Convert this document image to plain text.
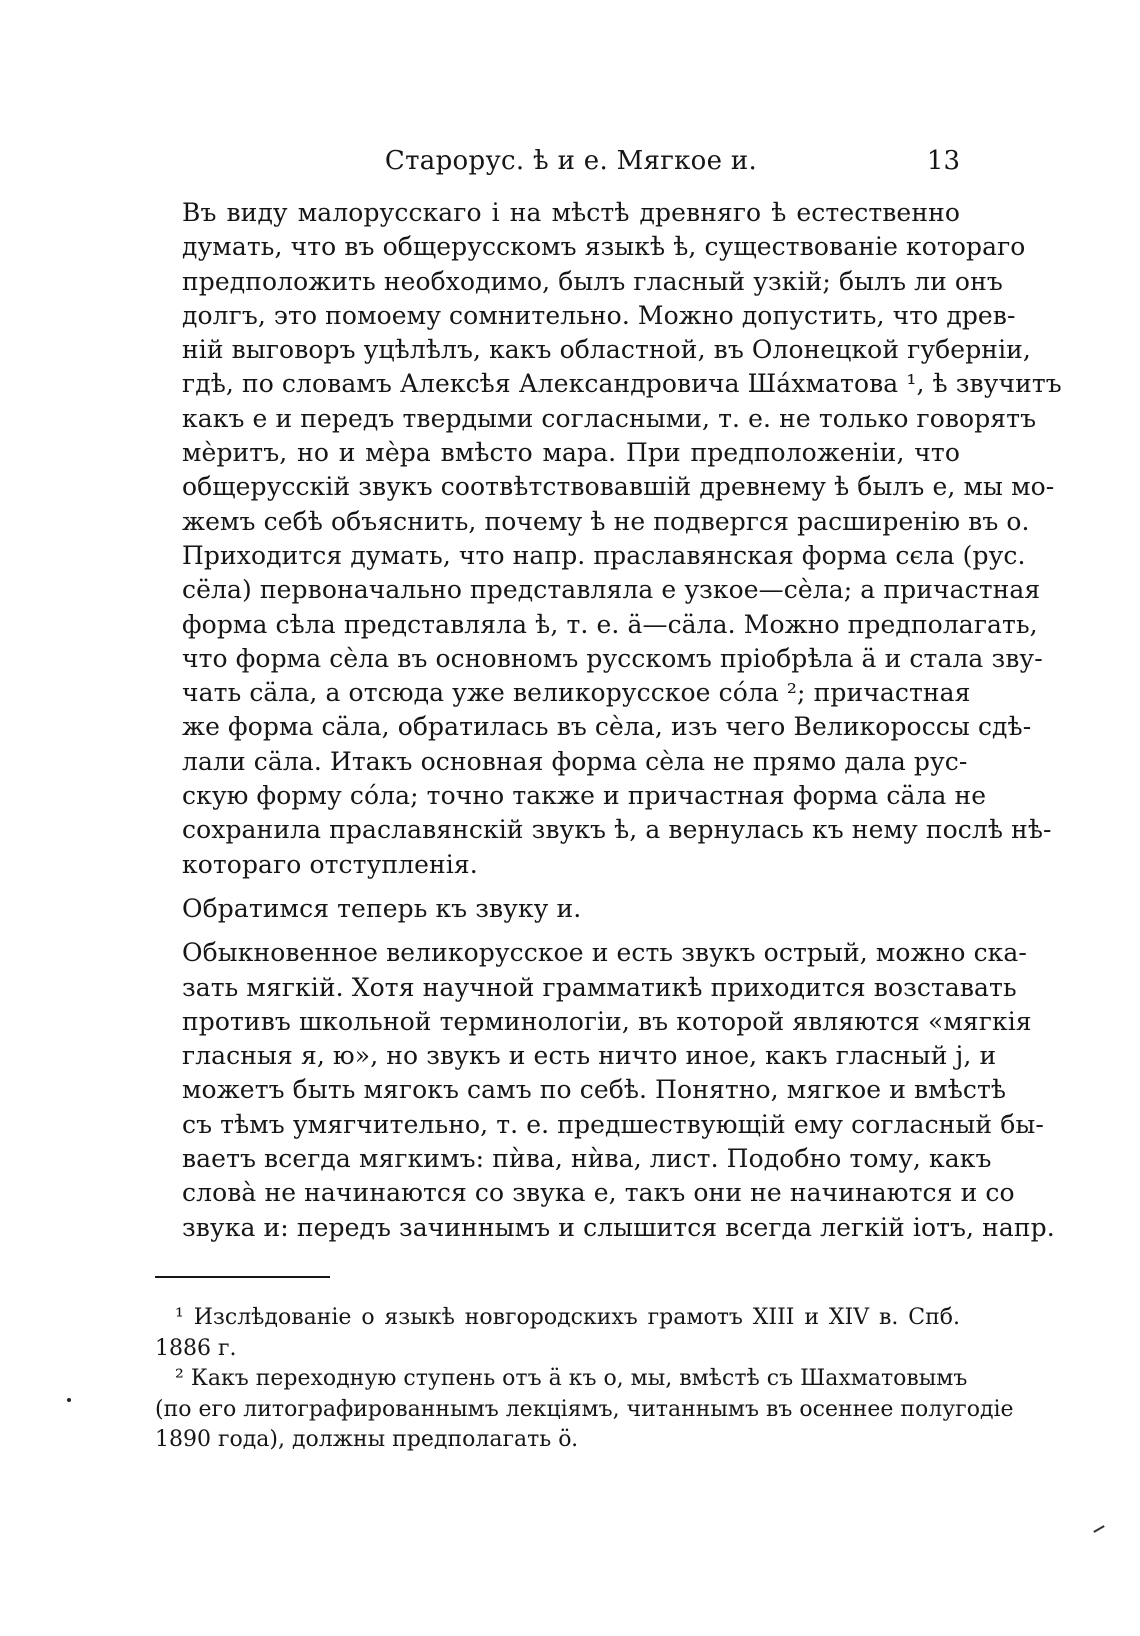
Старорус. ѣ и е. Мягкое и.	13
Въ виду малорусскаго і на мѣстѣ древняго ѣ естественно
думать, что въ общерусскомъ языкѣ ѣ, существованіе котораго
предположить необходимо, былъ гласный узкій; былъ ли онъ
долгъ, это помоему сомнительно. Можно допустить, что древ-
ній выговоръ уцѣлѣлъ, какъ областной, въ Олонецкой губерніи,
гдѣ, по словамъ Алексѣя Александровича Ша́хматова ¹, ѣ звучитъ
какъ е и передъ твердыми согласными, т. е. не только говорятъ
мѐритъ, но и мѐра вмѣсто мара. При предположеніи, что
общерусскій звукъ соотвѣтствовавшій древнему ѣ былъ е, мы мо-
жемъ себѣ объяснить, почему ѣ не подвергся расширенію въ о.
Приходится думать, что напр. праславянская форма сєла (рус.
сёла) первоначально представляла е узкое—сѐла; а причастная
форма сѣла представляла ѣ, т. е. ä—сäла. Можно предполагать,
что форма сѐла въ основномъ русскомъ пріобрѣла ä и стала зву-
чать сäла, а отсюда уже великорусское сóла ²; причастная
же форма сäла, обратилась въ сѐла, изъ чего Великороссы сдѣ-
лали сäла. Итакъ основная форма сѐла не прямо дала рус-
скую форму сóла; точно также и причастная форма сäла не
сохранила праславянскій звукъ ѣ, а вернулась къ нему послѣ нѣ-
котораго отступленія.
Обратимся теперь къ звуку и.
Обыкновенное великорусское и есть звукъ острый, можно ска-
зать мягкій. Хотя научной грамматикѣ приходится возставать
противъ школьной терминологіи, въ которой являются «мягкія
гласныя я, ю», но звукъ и есть ничто иное, какъ гласный j, и
можетъ быть мягокъ самъ по себѣ. Понятно, мягкое и вмѣстѣ
съ тѣмъ умягчительно, т. е. предшествующій ему согласный бы-
ваетъ всегда мягкимъ: пѝва, нѝва, лист. Подобно тому, какъ
слова̀ не начинаются со звука е, такъ они не начинаются и со
звука и: передъ зачиннымъ и слышится всегда легкій іотъ, напр.
¹ Изслѣдованіе о языкѣ новгородскихъ грамотъ XIII и XIV в. Спб.
1886 г.
² Какъ переходную ступень отъ ä къ о, мы, вмѣстѣ съ Шахматовымъ
(по его литографированнымъ лекціямъ, читаннымъ въ осеннее полугодіе
1890 года), должны предполагать ö.
